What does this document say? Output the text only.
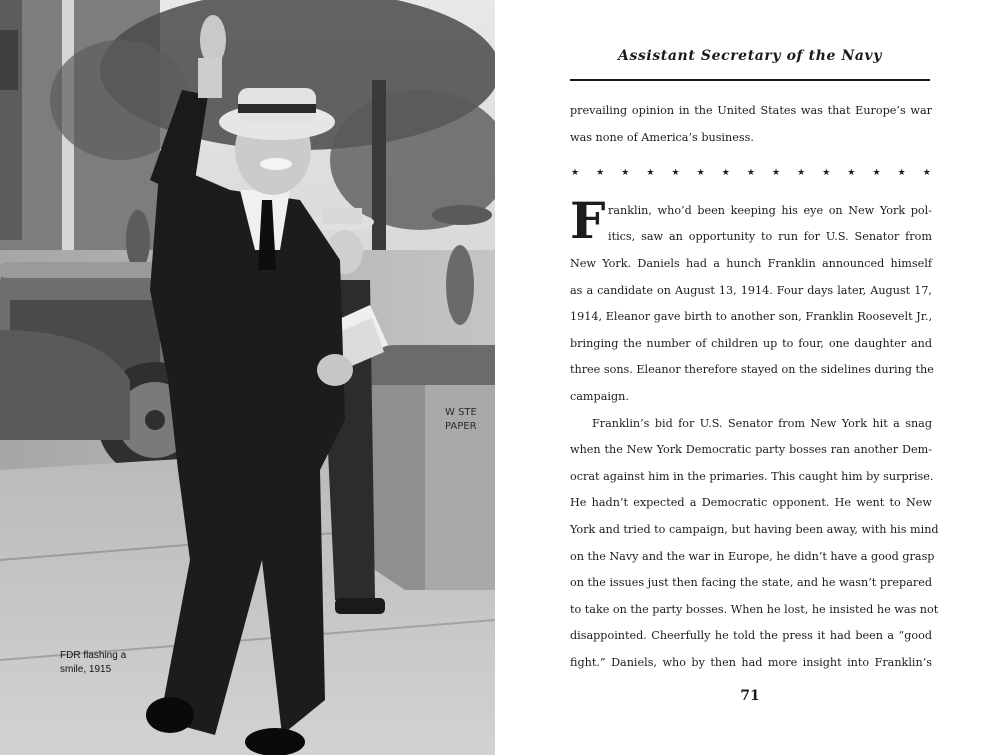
W STE
PAPER
FDR flashing a
smile, 1915
Assistant Secretary of the Navy
prevailing opinion in the United States was that Europe’s war
was none of America’s business.
★ ★ ★ ★ ★ ★ ★ ★ ★ ★ ★ ★ ★ ★ ★
F ranklin, who’d been keeping his eye on New York pol-
itics, saw an opportunity to run for U.S. Senator from
New York. Daniels had a hunch Franklin announced himself
as a candidate on August 13, 1914. Four days later, August 17,
1914, Eleanor gave birth to another son, Franklin Roosevelt Jr.,
bringing the number of children up to four, one daughter and
three sons. Eleanor therefore stayed on the sidelines during the
campaign.
Franklin’s bid for U.S. Senator from New York hit a snag
when the New York Democratic party bosses ran another Dem-
ocrat against him in the primaries. This caught him by surprise.
He hadn’t expected a Democratic opponent. He went to New
York and tried to campaign, but having been away, with his mind
on the Navy and the war in Europe, he didn’t have a good grasp
on the issues just then facing the state, and he wasn’t prepared
to take on the party bosses. When he lost, he insisted he was not
disappointed. Cheerfully he told the press it had been a “good
fight.” Daniels, who by then had more insight into Franklin’s
71
